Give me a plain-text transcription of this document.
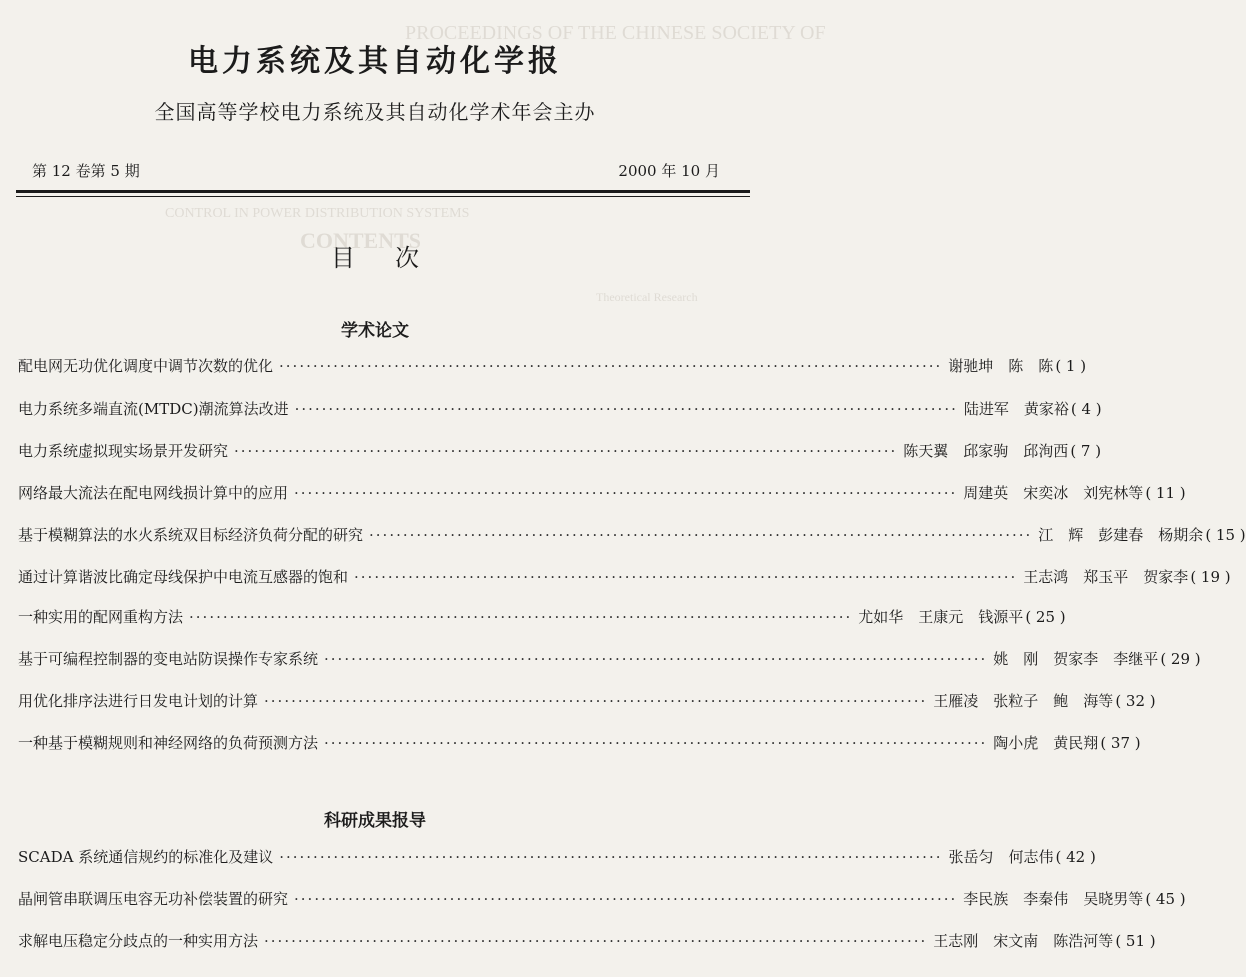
PROCEEDINGS OF THE CHINESE SOCIETY OF
CONTROL IN POWER DISTRIBUTION SYSTEMS
CONTENTS
Theoretical Research
电力系统及其自动化学报
全国高等学校电力系统及其自动化学术年会主办
第 12 卷第 5 期	2000 年 10 月
目次
学术论文
配电网无功优化调度中调节次数的优化 ·································································································· 谢驰坤　陈　陈 ( 1 )
电力系统多端直流(MTDC)潮流算法改进 ·································································································· 陆进军　黄家裕 ( 4 )
电力系统虚拟现实场景开发研究 ·································································································· 陈天翼　邱家驹　邱洵西 ( 7 )
网络最大流法在配电网线损计算中的应用 ·································································································· 周建英　宋奕冰　刘宪林等 ( 11 )
基于模糊算法的水火系统双目标经济负荷分配的研究 ·································································································· 江　辉　彭建春　杨期余 ( 15 )
通过计算谐波比确定母线保护中电流互感器的饱和 ·································································································· 王志鸿　郑玉平　贺家李 ( 19 )
一种实用的配网重构方法 ·································································································· 尤如华　王康元　钱源平 ( 25 )
基于可编程控制器的变电站防误操作专家系统 ·································································································· 姚　刚　贺家李　李继平 ( 29 )
用优化排序法进行日发电计划的计算 ·································································································· 王雁凌　张粒子　鲍　海等 ( 32 )
一种基于模糊规则和神经网络的负荷预测方法 ·································································································· 陶小虎　黄民翔 ( 37 )
科研成果报导
SCADA 系统通信规约的标准化及建议 ·································································································· 张岳匀　何志伟 ( 42 )
晶闸管串联调压电容无功补偿装置的研究 ·································································································· 李民族　李秦伟　吴晓男等 ( 45 )
求解电压稳定分歧点的一种实用方法 ·································································································· 王志刚　宋文南　陈浩河等 ( 51 )
